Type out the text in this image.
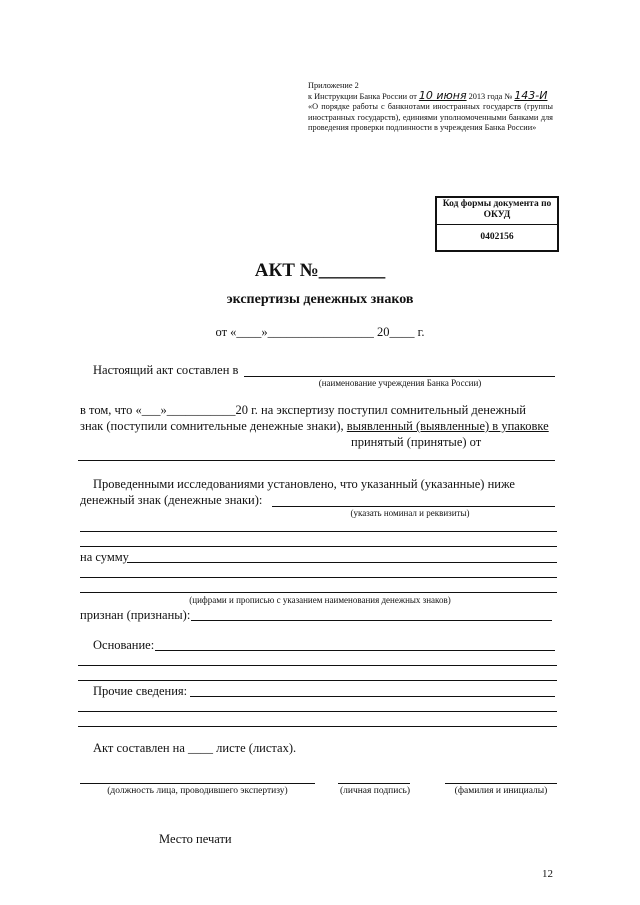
Приложение 2
к Инструкции Банка России от 10 июня 2013 года № 143-И
«О порядке работы с банкнотами иностранных государств (группы иностранных государств), единиями уполномоченными банками для проведения проверки подлинности в учреждения Банка России»
Код формы документа по ОКУД
0402156
АКТ №_______
экспертизы денежных знаков
от «____»_________________ 20____ г.
Настоящий акт составлен в
(наименование учреждения Банка России)
в том, что «___»___________20 г. на экспертизу поступил сомнительный денежный
знак (поступили сомнительные денежные знаки), выявленный (выявленные) в упаковке
принятый (принятые) от
Проведенными исследованиями установлено, что указанный (указанные) ниже
денежный знак (денежные знаки):
(указать номинал и реквизиты)
на сумму
(цифрами и прописью с указанием наименования денежных знаков)
признан (признаны):
Основание:
Прочие сведения:
Акт составлен на ____ листе (листах).
(должность лица, проводившего экспертизу)	(личная подпись)	(фамилия и инициалы)
Место печати
12
